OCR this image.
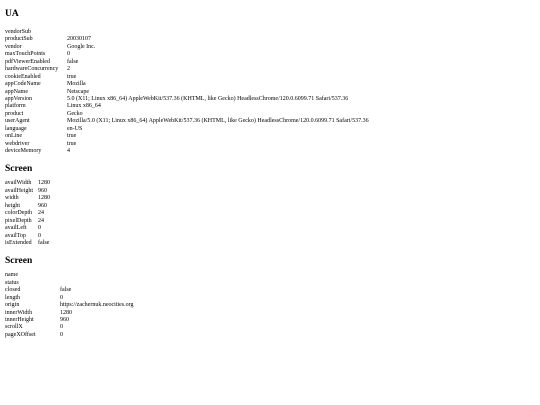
UA
vendorSub	
productSub	20030107
vendor	Google Inc.
maxTouchPoints	0
pdfViewerEnabled	false
hardwareConcurrency	2
cookieEnabled	true
appCodeName	Mozilla
appName	Netscape
appVersion	5.0 (X11; Linux x86_64) AppleWebKit/537.36 (KHTML, like Gecko) HeadlessChrome/120.0.6099.71 Safari/537.36
platform	Linux x86_64
product	Gecko
userAgent	Mozilla/5.0 (X11; Linux x86_64) AppleWebKit/537.36 (KHTML, like Gecko) HeadlessChrome/120.0.6099.71 Safari/537.36
language	en-US
onLine	true
webdriver	true
deviceMemory	4
Screen
availWidth	1280
availHeight	960
width	1280
height	960
colorDepth	24
pixelDepth	24
availLeft	0
availTop	0
isExtended	false
Screen
name	
status	
closed	false
length	0
origin	https://zachernuk.neocities.org
innerWidth	1280
innerHeight	960
scrollX	0
pageXOffset	0
